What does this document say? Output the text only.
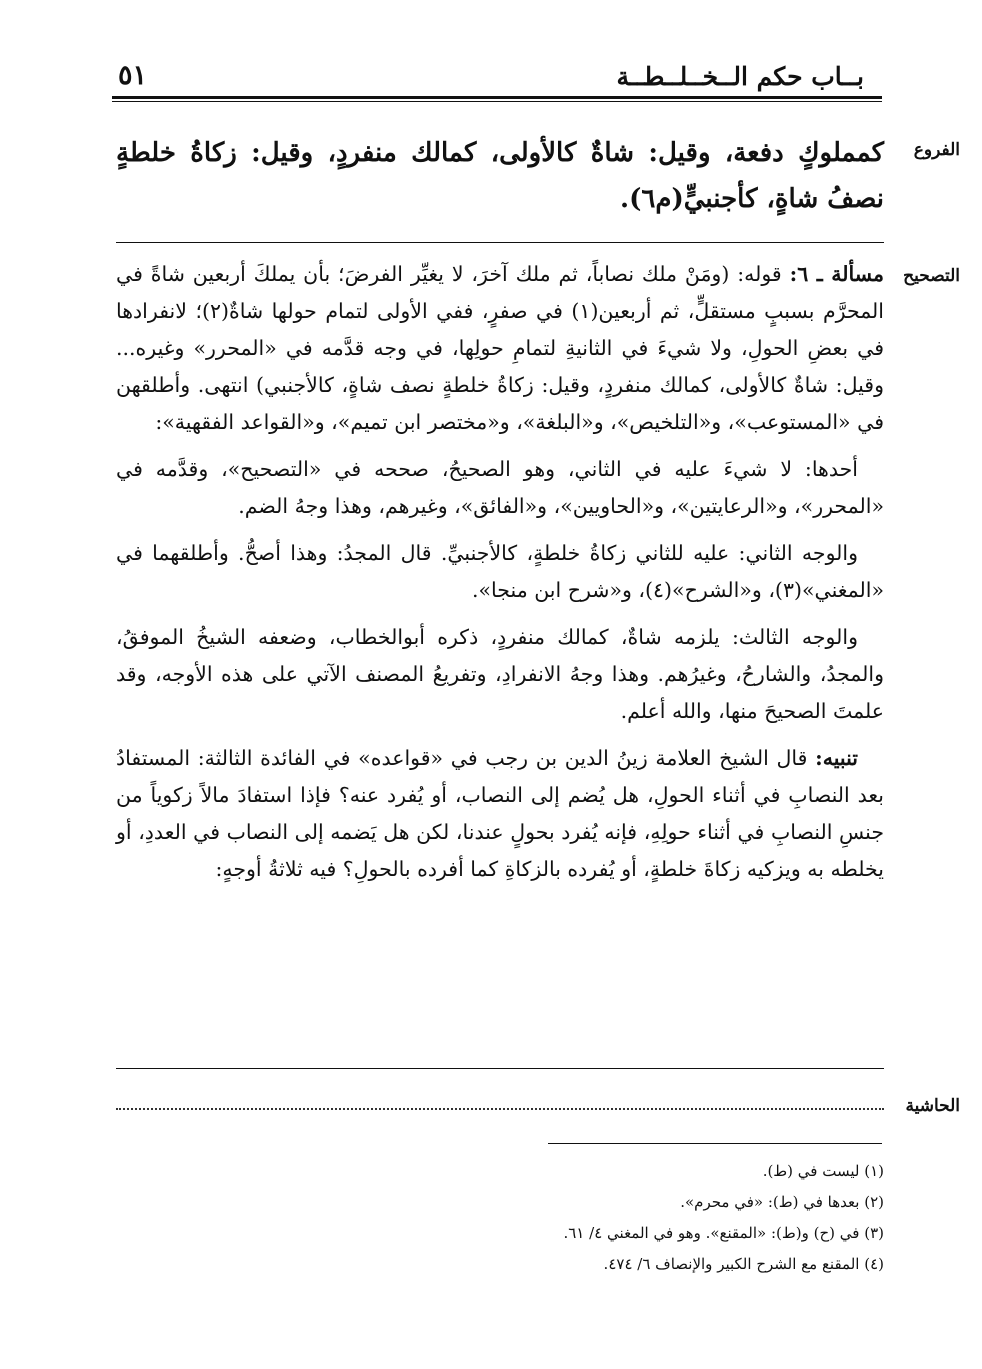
بــاب حكم الــخــلــطــة
٥١
الفروع
كمملوكٍ دفعة، وقيل: شاةٌ كالأولى، كمالك منفردٍ، وقيل: زكاةُ خلطةٍ نصفُ شاةٍ، كأجنبيٍّ(م٦).
التصحيح

مسألة ـ ٦: قوله: (ومَنْ ملك نصاباً، ثم ملك آخرَ، لا يغيِّر الفرضَ؛ بأن يملكَ أربعين شاةً في المحرَّم بسببٍ مستقلٍّ، ثم أربعين(١) في صفرٍ، ففي الأولى لتمام حولها شاةٌ(٢)؛ لانفرادها في بعضِ الحولِ، ولا شيءَ في الثانيةِ لتمامِ حولِها، في وجه قدَّمه في «المحرر» وغيره... وقيل: شاةٌ كالأولى، كمالك منفردٍ، وقيل: زكاةُ خلطةٍ نصف شاةٍ، كالأجنبي) انتهى. وأطلقهن في «المستوعب»، و«التلخيص»، و«البلغة»، و«مختصر ابن تميم»، و«القواعد الفقهية»:

أحدها: لا شيءَ عليه في الثاني، وهو الصحيحُ، صححه في «التصحيح»، وقدَّمه في «المحرر»، و«الرعايتين»، و«الحاويين»، و«الفائق»، وغيرهم، وهذا وجهُ الضم.

والوجه الثاني: عليه للثاني زكاةُ خلطةٍ، كالأجنبيِّ. قال المجدُ: وهذا أصحُّ. وأطلقهما في «المغني»(٣)، و«الشرح»(٤)، و«شرح ابن منجا».

والوجه الثالث: يلزمه شاةٌ، كمالك منفردٍ، ذكره أبوالخطاب، وضعفه الشيخُ الموفقُ، والمجدُ، والشارحُ، وغيرُهم. وهذا وجهُ الانفرادِ، وتفريعُ المصنف الآتي على هذه الأوجه، وقد علمتَ الصحيحَ منها، والله أعلم.

تنبيه: قال الشيخ العلامة زينُ الدين بن رجب في «قواعده» في الفائدة الثالثة: المستفادُ بعد النصابِ في أثناء الحولِ، هل يُضم إلى النصاب، أو يُفرد عنه؟ فإذا استفادَ مالاً زكوياً من جنسِ النصابِ في أثناء حولِهِ، فإنه يُفرد بحولٍ عندنا، لكن هل يَضمه إلى النصاب في العددِ، أو يخلطه به ويزكيه زكاةَ خلطةٍ، أو يُفرده بالزكاةِ كما أفرده بالحولِ؟ فيه ثلاثةُ أوجهٍ:

الحاشية
(١) ليست في (ط).
(٢) بعدها في (ط): «في محرم».
(٣) في (ح) و(ط): «المقنع». وهو في المغني ٤/ ٦١.
(٤) المقنع مع الشرح الكبير والإنصاف ٦/ ٤٧٤.
